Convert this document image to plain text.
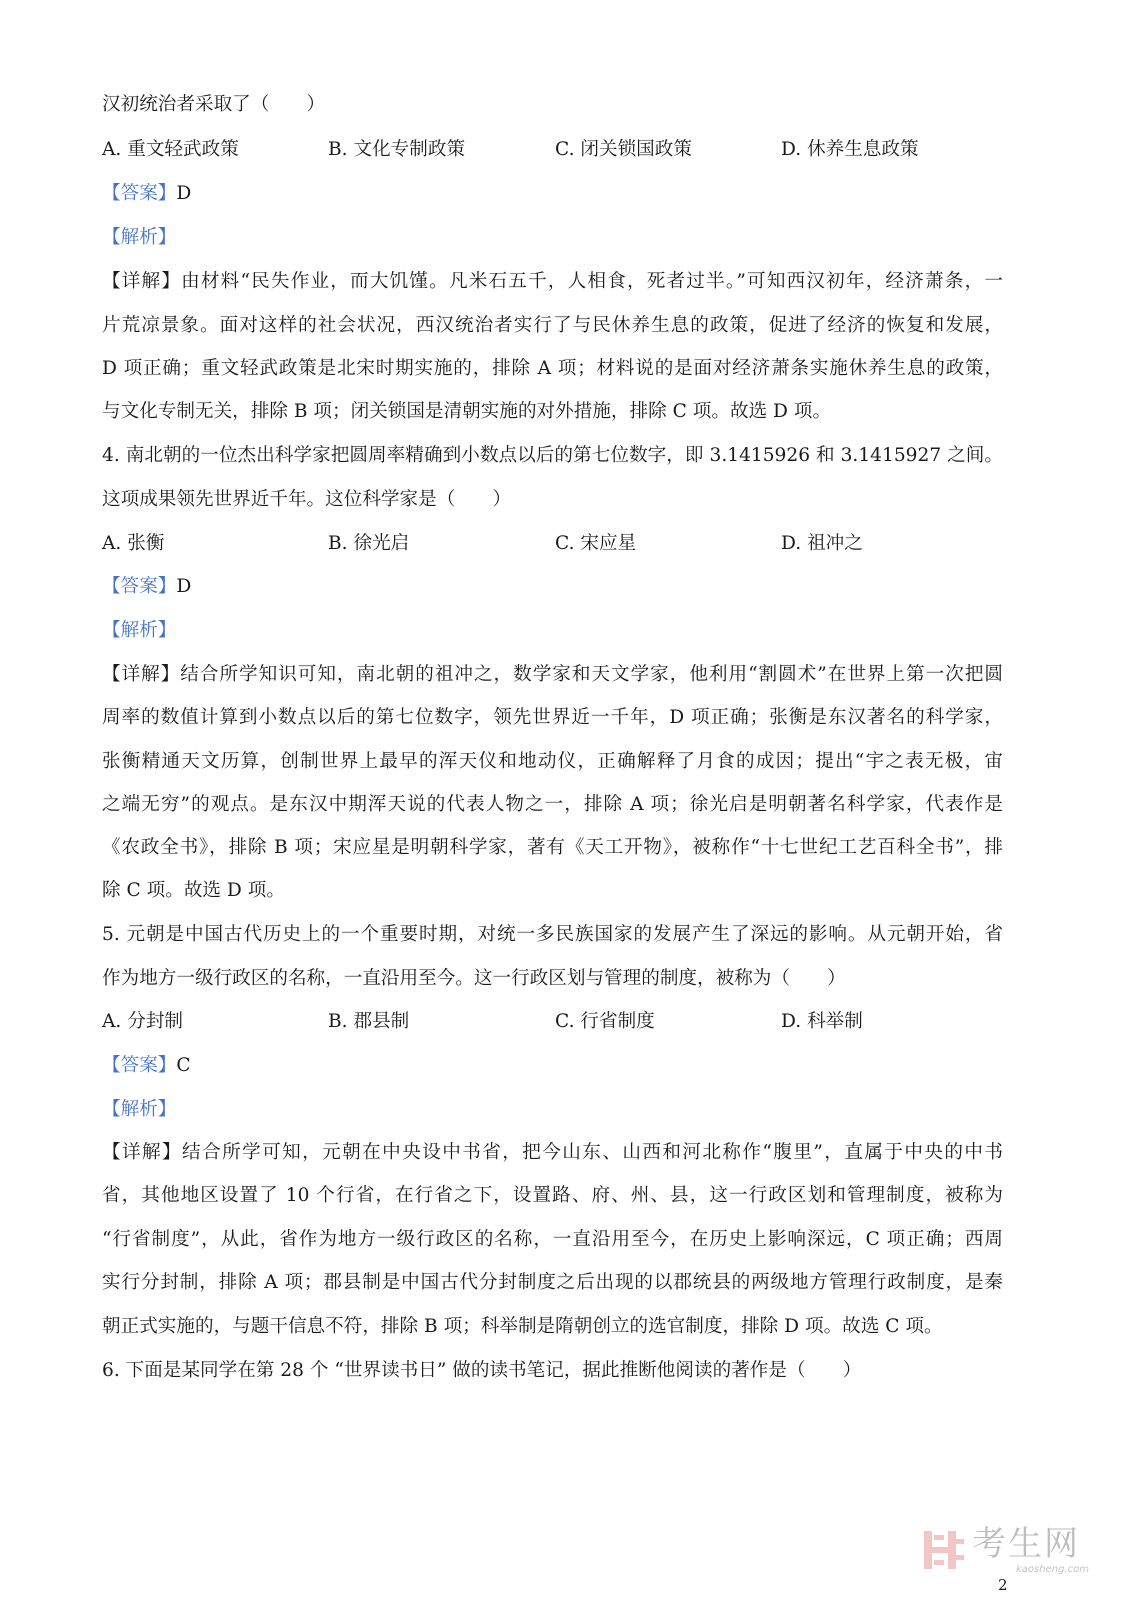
汉初统治者采取了（　　）
A. 重文轻武政策	B. 文化专制政策	C. 闭关锁国政策	D. 休养生息政策
【答案】D
【解析】
【详解】由材料“民失作业，而大饥馑。凡米石五千，人相食，死者过半。”可知西汉初年，经济萧条，一
片荒凉景象。面对这样的社会状况，西汉统治者实行了与民休养生息的政策，促进了经济的恢复和发展，
D 项正确；重文轻武政策是北宋时期实施的，排除 A 项；材料说的是面对经济萧条实施休养生息的政策，
与文化专制无关，排除 B 项；闭关锁国是清朝实施的对外措施，排除 C 项。故选 D 项。
4. 南北朝的一位杰出科学家把圆周率精确到小数点以后的第七位数字，即 3.1415926 和 3.1415927 之间。
这项成果领先世界近千年。这位科学家是（　　）
A. 张衡	B. 徐光启	C. 宋应星	D. 祖冲之
【答案】D
【解析】
【详解】结合所学知识可知，南北朝的祖冲之，数学家和天文学家，他利用“割圆术”在世界上第一次把圆
周率的数值计算到小数点以后的第七位数字，领先世界近一千年，D 项正确；张衡是东汉著名的科学家，
张衡精通天文历算，创制世界上最早的浑天仪和地动仪，正确解释了月食的成因；提出“宇之表无极，宙
之端无穷”的观点。是东汉中期浑天说的代表人物之一，排除 A 项；徐光启是明朝著名科学家，代表作是
《农政全书》，排除 B 项；宋应星是明朝科学家，著有《天工开物》，被称作“十七世纪工艺百科全书”，排
除 C 项。故选 D 项。
5. 元朝是中国古代历史上的一个重要时期，对统一多民族国家的发展产生了深远的影响。从元朝开始，省
作为地方一级行政区的名称，一直沿用至今。这一行政区划与管理的制度，被称为（　　）
A. 分封制	B. 郡县制	C. 行省制度	D. 科举制
【答案】C
【解析】
【详解】结合所学可知，元朝在中央设中书省，把今山东、山西和河北称作“腹里”，直属于中央的中书
省，其他地区设置了 10 个行省，在行省之下，设置路、府、州、县，这一行政区划和管理制度，被称为
“行省制度”，从此，省作为地方一级行政区的名称，一直沿用至今，在历史上影响深远，C 项正确；西周
实行分封制，排除 A 项；郡县制是中国古代分封制度之后出现的以郡统县的两级地方管理行政制度，是秦
朝正式实施的，与题干信息不符，排除 B 项；科举制是隋朝创立的选官制度，排除 D 项。故选 C 项。
6. 下面是某同学在第 28 个 “世界读书日” 做的读书笔记，据此推断他阅读的著作是（　　）
考生网
kaosheng.com
2
